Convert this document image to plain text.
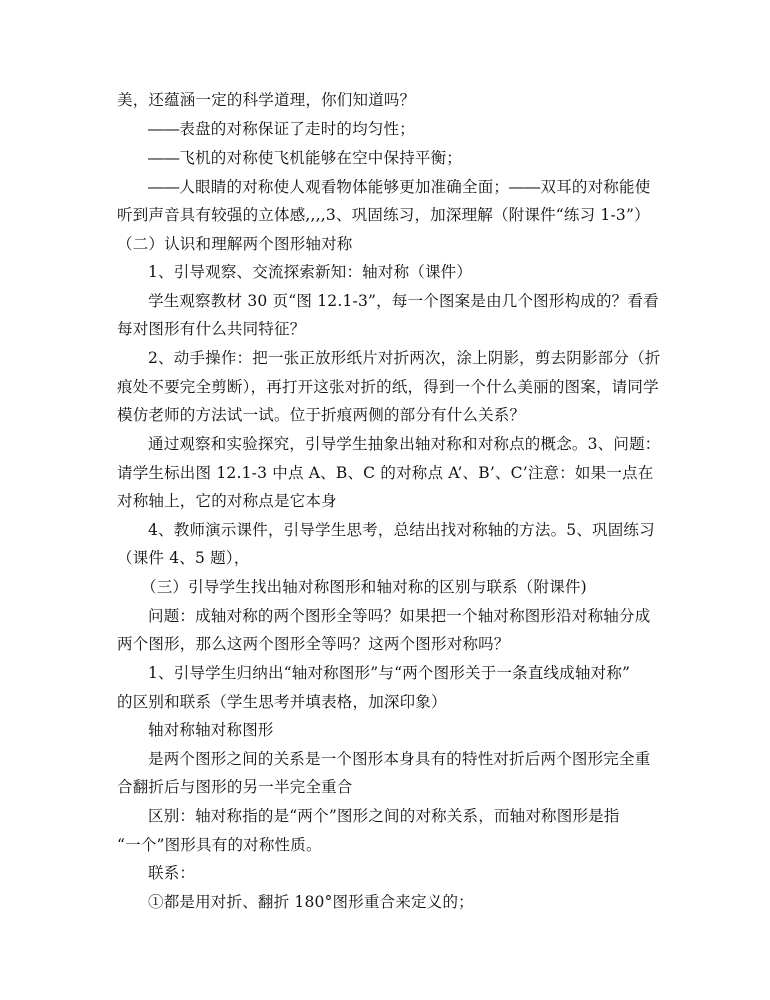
美，还蕴涵一定的科学道理，你们知道吗？
――表盘的对称保证了走时的均匀性；
――飞机的对称使飞机能够在空中保持平衡；
――人眼睛的对称使人观看物体能够更加准确全面；――双耳的对称能使
听到声音具有较强的立体感,,,,3、巩固练习，加深理解（附课件“练习 1-3”）
（二）认识和理解两个图形轴对称
1、引导观察、交流探索新知：轴对称（课件）
学生观察教材 30 页“图 12.1-3”，每一个图案是由几个图形构成的？看看
每对图形有什么共同特征？
2、动手操作：把一张正放形纸片对折两次，涂上阴影，剪去阴影部分（折
痕处不要完全剪断），再打开这张对折的纸，得到一个什么美丽的图案，请同学
模仿老师的方法试一试。位于折痕两侧的部分有什么关系？
通过观察和实验探究，引导学生抽象出轴对称和对称点的概念。3、问题：
请学生标出图 12.1-3 中点 A、B、C 的对称点 A’、B’、C’注意：如果一点在
对称轴上，它的对称点是它本身
4、教师演示课件，引导学生思考，总结出找对称轴的方法。5、巩固练习
（课件 4、5 题），
（三）引导学生找出轴对称图形和轴对称的区别与联系（附课件)
问题：成轴对称的两个图形全等吗？如果把一个轴对称图形沿对称轴分成
两个图形，那么这两个图形全等吗？这两个图形对称吗？
1、引导学生归纳出“轴对称图形”与“两个图形关于一条直线成轴对称”
的区别和联系（学生思考并填表格，加深印象）
轴对称轴对称图形
是两个图形之间的关系是一个图形本身具有的特性对折后两个图形完全重
合翻折后与图形的另一半完全重合
区别：轴对称指的是“两个”图形之间的对称关系，而轴对称图形是指
“一个”图形具有的对称性质。
联系：
①都是用对折、翻折 180°图形重合来定义的；
